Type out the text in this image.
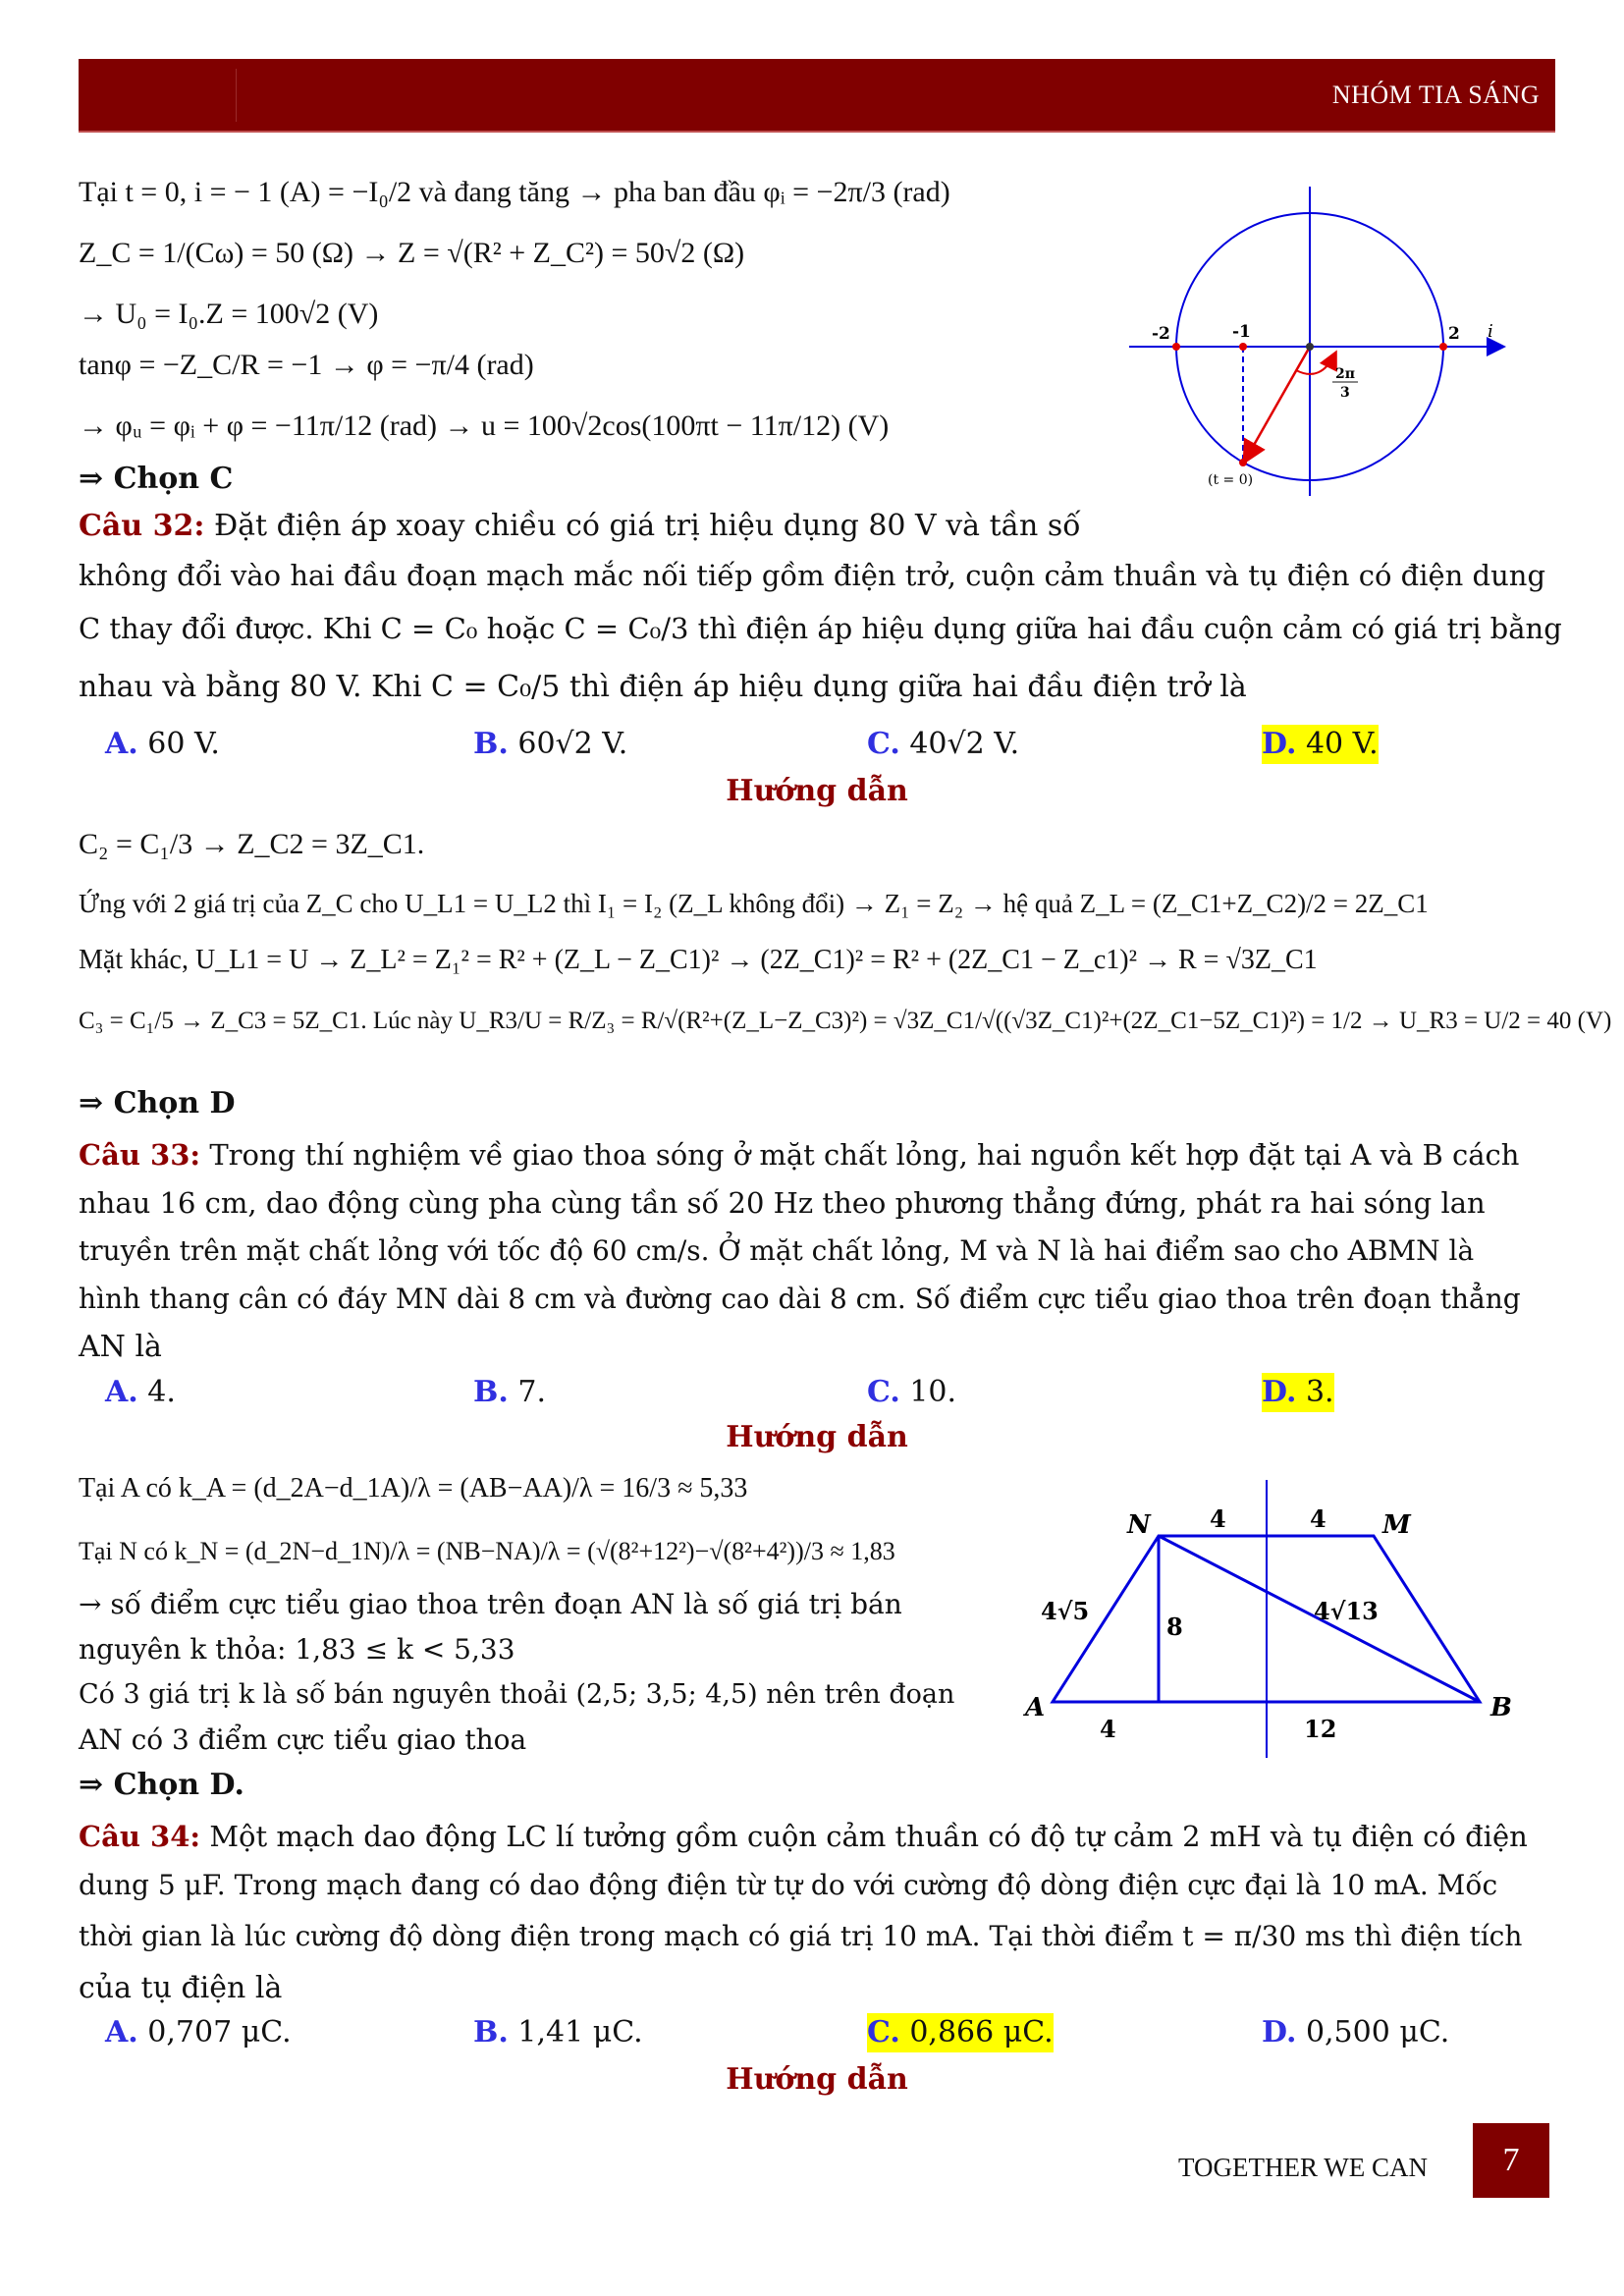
NHÓM TIA SÁNG
Tại t = 0, i = − 1 (A) = −I₀/2 và đang tăng → pha ban đầu φᵢ = −2π/3 (rad)
Z_C = 1/(Cω) = 50 (Ω) → Z = √(R² + Z_C²) = 50√2 (Ω)
→ U₀ = I₀.Z = 100√2 (V)
tanφ = −Z_C/R = −1 → φ = −π/4 (rad)
→ φᵤ = φᵢ + φ = −11π/12 (rad) → u = 100√2cos(100πt − 11π/12) (V)
⇒ Chọn C
-2	-1	2 i
2π
3
(t = 0)
Câu 32: Đặt điện áp xoay chiều có giá trị hiệu dụng 80 V và tần số
không đổi vào hai đầu đoạn mạch mắc nối tiếp gồm điện trở, cuộn cảm thuần và tụ điện có điện dung
C thay đổi được. Khi C = C₀ hoặc C = C₀/3 thì điện áp hiệu dụng giữa hai đầu cuộn cảm có giá trị bằng
nhau và bằng 80 V. Khi C = C₀/5 thì điện áp hiệu dụng giữa hai đầu điện trở là
A. 60 V.	B. 60√2 V.	C. 40√2 V.	D. 40 V.
Hướng dẫn
C₂ = C₁/3 → Z_C2 = 3Z_C1.
Ứng với 2 giá trị của Z_C cho U_L1 = U_L2 thì I₁ = I₂ (Z_L không đổi) → Z₁ = Z₂ → hệ quả Z_L = (Z_C1+Z_C2)/2 = 2Z_C1
Mặt khác, U_L1 = U → Z_L² = Z₁² = R² + (Z_L − Z_C1)² → (2Z_C1)² = R² + (2Z_C1 − Z_c1)² → R = √3Z_C1
C₃ = C₁/5 → Z_C3 = 5Z_C1. Lúc này U_R3/U = R/Z₃ = R/√(R²+(Z_L−Z_C3)²) = √3Z_C1/√((√3Z_C1)²+(2Z_C1−5Z_C1)²) = 1/2 → U_R3 = U/2 = 40 (V)
⇒ Chọn D
Câu 33: Trong thí nghiệm về giao thoa sóng ở mặt chất lỏng, hai nguồn kết hợp đặt tại A và B cách
nhau 16 cm, dao động cùng pha cùng tần số 20 Hz theo phương thẳng đứng, phát ra hai sóng lan
truyền trên mặt chất lỏng với tốc độ 60 cm/s. Ở mặt chất lỏng, M và N là hai điểm sao cho ABMN là
hình thang cân có đáy MN dài 8 cm và đường cao dài 8 cm. Số điểm cực tiểu giao thoa trên đoạn thẳng
AN là
A. 4.	B. 7.	C. 10.	D. 3.
Hướng dẫn
Tại A có k_A = (d_2A−d_1A)/λ = (AB−AA)/λ = 16/3 ≈ 5,33
Tại N có k_N = (d_2N−d_1N)/λ = (NB−NA)/λ = (√(8²+12²)−√(8²+4²))/3 ≈ 1,83
→ số điểm cực tiểu giao thoa trên đoạn AN là số giá trị bán
nguyên k thỏa: 1,83 ≤ k < 5,33
Có 3 giá trị k là số bán nguyên thoải (2,5; 3,5; 4,5) nên trên đoạn
AN có 3 điểm cực tiểu giao thoa
⇒ Chọn D.
N	M
A	B
4	4
4√5
8
4√13
4	12
Câu 34: Một mạch dao động LC lí tưởng gồm cuộn cảm thuần có độ tự cảm 2 mH và tụ điện có điện
dung 5 μF. Trong mạch đang có dao động điện từ tự do với cường độ dòng điện cực đại là 10 mA. Mốc
thời gian là lúc cường độ dòng điện trong mạch có giá trị 10 mA. Tại thời điểm t = π/30 ms thì điện tích
của tụ điện là
A. 0,707 μC.	B. 1,41 μC.	C. 0,866 μC.	D. 0,500 μC.
Hướng dẫn
TOGETHER WE CAN	7
